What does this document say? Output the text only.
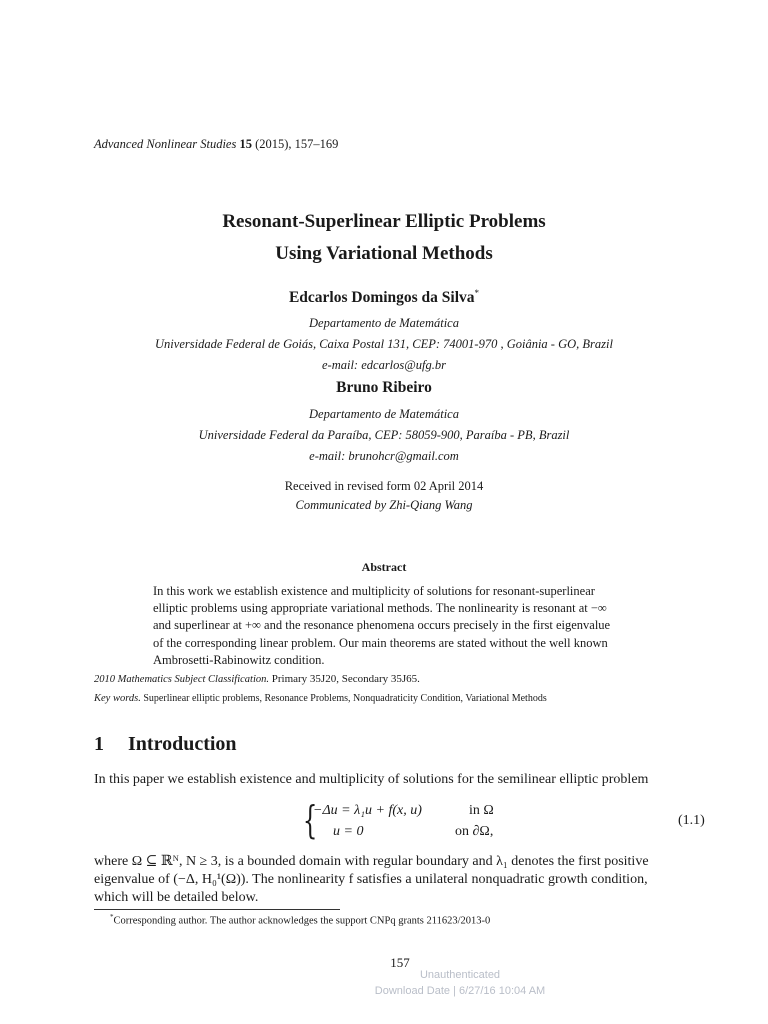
Advanced Nonlinear Studies 15 (2015), 157–169
Resonant-Superlinear Elliptic Problems
Using Variational Methods
Edcarlos Domingos da Silva*
Departamento de Matemática
Universidade Federal de Goiás, Caixa Postal 131, CEP: 74001-970 , Goiânia - GO, Brazil
e-mail: edcarlos@ufg.br
Bruno Ribeiro
Departamento de Matemática
Universidade Federal da Paraíba, CEP: 58059-900, Paraíba - PB, Brazil
e-mail: brunohcr@gmail.com
Received in revised form 02 April 2014
Communicated by Zhi-Qiang Wang
Abstract
In this work we establish existence and multiplicity of solutions for resonant-superlinear
elliptic problems using appropriate variational methods. The nonlinearity is resonant at −∞
and superlinear at +∞ and the resonance phenomena occurs precisely in the first eigenvalue
of the corresponding linear problem. Our main theorems are stated without the well known
Ambrosetti-Rabinowitz condition.
2010 Mathematics Subject Classification. Primary 35J20, Secondary 35J65.
Key words. Superlinear elliptic problems, Resonance Problems, Nonquadraticity Condition, Variational Methods
1 Introduction
In this paper we establish existence and multiplicity of solutions for the semilinear elliptic problem
{
−Δu = λ₁u + f(x, u)	in Ω
u = 0	on ∂Ω,
(1.1)
where Ω ⊆ ℝᴺ, N ≥ 3, is a bounded domain with regular boundary and λ₁ denotes the first positive
eigenvalue of (−Δ, H₀¹(Ω)). The nonlinearity f satisfies a unilateral nonquadratic growth condition,
which will be detailed below.
*Corresponding author. The author acknowledges the support CNPq grants 211623/2013-0
157
Unauthenticated
Download Date | 6/27/16 10:04 AM
